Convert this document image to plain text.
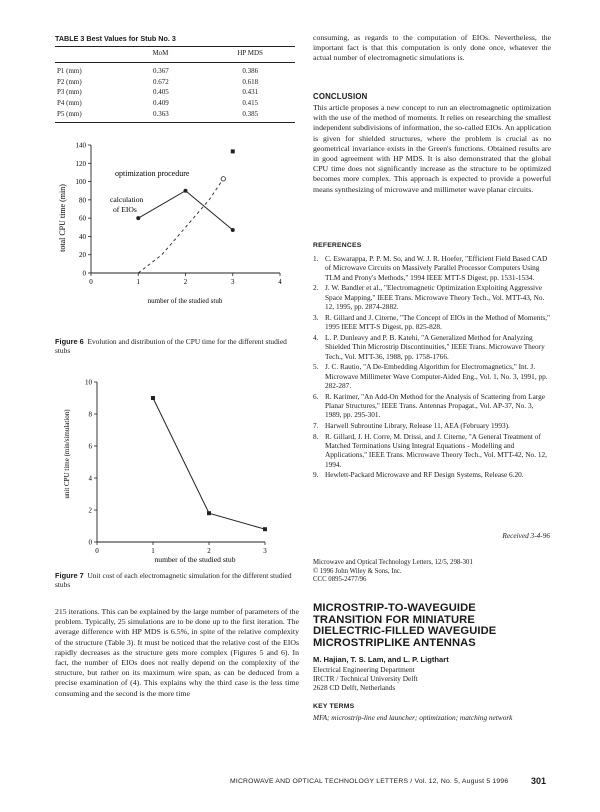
TABLE 3 Best Values for Stub No. 3
	MoM	HP MDS
P1 (mm)	0.367	0.386
P2 (mm)	0.672	0.618
P3 (mm)	0.405	0.431
P4 (mm)	0.409	0.415
P5 (mm)	0.363	0.385
0
20
40
60
80
100
120
140
0	1	2	3	4
total CPU time (min)
number of the studied stub
optimization procedure
calculation
of EIOs
Figure 6 Evolution and distribution of the CPU time for the different studied stubs
0
2
4
6
8
10
0	1	2	3
unit CPU time (min/simulation)
number of the studied stub
Figure 7 Unit cost of each electromagnetic simulation for the different studied stubs
215 iterations. This can be explained by the large number of parameters of the problem. Typically, 25 simulations are to be done up to the first iteration. The average difference with HP MDS is 6.5%, in spite of the relative complexity of the structure (Table 3). It must be noticed that the relative cost of the EIOs rapidly decreases as the structure gets more complex (Figures 5 and 6). In fact, the number of EIOs does not really depend on the complexity of the structure, but rather on its maximum wire span, as can be deduced from a precise examination of (4). This explains why the third case is the less time consuming and the second is the more time
consuming, as regards to the computation of EIOs. Nevertheless, the important fact is that this computation is only done once, whatever the actual number of electromagnetic simulations is.
CONCLUSION
This article proposes a new concept to run an electromagnetic optimization with the use of the method of moments. It relies on researching the smallest independent subdivisions of information, the so-called EIOs. An application is given for shielded structures, where the problem is crucial as no geometrical invariance exists in the Green's functions. Obtained results are in good agreement with HP MDS. It is also demonstrated that the global CPU time does not significantly increase as the structure to be optimized becomes more complex. This approach is expected to provide a powerful means synthesizing of microwave and millimeter wave planar circuits.
REFERENCES
1. C. Eswarappa, P. P. M. So, and W. J. R. Hoefer, "Efficient Field Based CAD of Microwave Circuits on Massively Parallel Processor Computers Using TLM and Prony's Methods," 1994 IEEE MTT-S Digest, pp. 1531-1534.
2. J. W. Bandler et al., "Electromagnetic Optimization Exploiting Aggressive Space Mapping," IEEE Trans. Microwave Theory Tech., Vol. MTT-43, No. 12, 1995, pp. 2874-2882.
3. R. Gillard and J. Citerne, "The Concept of EIOs in the Method of Moments," 1995 IEEE MTT-S Digest, pp. 825-828.
4. L. P. Dunleavy and P. B. Katehi, "A Generalized Method for Analyzing Shielded Thin Microstrip Discontinuities," IEEE Trans. Microwave Theory Tech., Vol. MTT-36, 1988, pp. 1758-1766.
5. J. C. Rautio, "A De-Embedding Algorithm for Electromagnetics," Int. J. Microwave Millimeter Wave Computer-Aided Eng., Vol. 1, No. 3, 1991, pp. 282-287.
6. R. Karimer, "An Add-On Method for the Analysis of Scattering from Large Planar Structures," IEEE Trans. Antennas Propagat., Vol. AP-37, No. 3, 1989, pp. 295-301.
7. Harwell Subroutine Library, Release 11, AEA (February 1993).
8. R. Gillard, J. H. Corre, M. Drissi, and J. Citerne, "A General Treatment of Matched Terminations Using Integral Equations - Modelling and Applications," IEEE Trans. Microwave Theory Tech., Vol. MTT-42, No. 12, 1994.
9. Hewlett-Packard Microwave and RF Design Systems, Release 6.20.
Received 3-4-96
Microwave and Optical Technology Letters, 12/5, 298-301
© 1996 John Wiley & Sons, Inc.
CCC 0895-2477/96
MICROSTRIP-TO-WAVEGUIDE
TRANSITION FOR MINIATURE
DIELECTRIC-FILLED WAVEGUIDE
MICROSTRIPLIKE ANTENNAS
M. Hajian, T. S. Lam, and L. P. Ligthart
Electrical Engineering Department
IRCTR / Technical University Delft
2628 CD Delft, Netherlands
KEY TERMS
MFA; microstrip-line end launcher; optimization; matching network
MICROWAVE AND OPTICAL TECHNOLOGY LETTERS / Vol. 12, No. 5, August 5 1996	301
